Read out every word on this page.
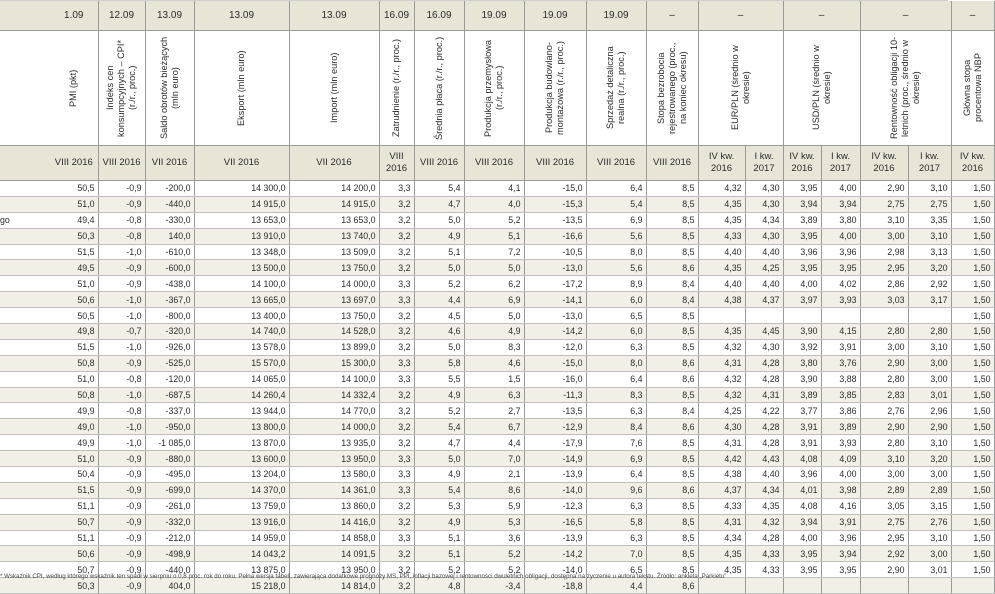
	1.09	12.09	13.09	13.09	13.09	16.09	16.09	19.09	19.09	19.09	–	–		–		–		–

	PMI (pkt)	Indeks cen konsumpcyjnych – CPI* (r./r., proc.)	Saldo obrotów bieżących (mln euro)	Eksport (mln euro)	Import (mln euro)	Zatrudnienie (r./r., proc.)	Średnia płaca (r./r., proc.)	Produkcja przemysłowa (r./r., proc.)	Produkcja budowlano-montażowa (r./r., proc.)	Sprzedaż detaliczna realna (r./r., proc.)	Stopa bezrobocia rejestrowanego (proc., na koniec okresu)	EUR/PLN (średnio w okresie)		USD/PLN (średnio w okresie)		Rentowność obligacji 10-letnich (proc., średnio w okresie)		Główna stopa procentowa NBP

	VIII 2016	VIII 2016	VII 2016	VII 2016	VII 2016	VIII 2016	VIII 2016	VIII 2016	VIII 2016	VIII 2016	VIII 2016	IV kw. 2016	I kw. 2017	IV kw. 2016	I kw. 2017	IV kw. 2016	I kw. 2017	IV kw. 2016
	50,5	-0,9	-200,0	14 300,0	14 200,0	3,3	5,4	4,1	-15,0	6,4	8,5	4,32	4,30	3,95	4,00	2,90	3,10	1,50
	51,0	-0,9	-440,0	14 915,0	14 915,0	3,2	4,7	4,0	-15,3	5,4	8,5	4,35	4,30	3,94	3,94	2,75	2,75	1,50
go	49,4	-0,8	-330,0	13 653,0	13 653,0	3,2	5,0	5,2	-13,5	6,9	8,5	4,35	4,34	3,89	3,80	3,10	3,35	1,50
	50,3	-0,8	140,0	13 910,0	13 740,0	3,2	4,9	5,1	-16,6	5,6	8,5	4,33	4,30	3,95	4,00	3,00	3,10	1,50
	51,5	-1,0	-610,0	13 348,0	13 509,0	3,2	5,1	7,2	-10,5	8,0	8,5	4,40	4,40	3,96	3,96	2,98	3,13	1,50
	49,5	-0,9	-600,0	13 500,0	13 750,0	3,2	5,0	5,0	-13,0	5,6	8,6	4,35	4,25	3,95	3,95	2,95	3,20	1,50
	51,0	-0,9	-438,0	14 100,0	14 000,0	3,3	5,2	6,2	-17,2	8,9	8,4	4,40	4,40	4,00	4,02	2,86	2,92	1,50
	50,6	-1,0	-367,0	13 665,0	13 697,0	3,3	4,4	6,9	-14,1	6,0	8,4	4,38	4,37	3,97	3,93	3,03	3,17	1,50
	50,5	-1,0	-800,0	13 400,0	13 750,0	3,2	4,5	5,0	-13,0	6,5	8,5							1,50
	49,8	-0,7	-320,0	14 740,0	14 528,0	3,2	4,6	4,9	-14,2	6,0	8,5	4,35	4,45	3,90	4,15	2,80	2,80	1,50
	51,5	-1,0	-926,0	13 578,0	13 899,0	3,2	5,0	8,3	-12,0	6,3	8,5	4,32	4,30	3,92	3,91	3,00	3,10	1,50
	50,8	-0,9	-525,0	15 570,0	15 300,0	3,3	5,8	4,6	-15,0	8,0	8,6	4,31	4,28	3,80	3,76	2,90	3,00	1,50
	51,0	-0,8	-120,0	14 065,0	14 100,0	3,3	5,5	1,5	-16,0	6,4	8,6	4,32	4,28	3,90	3,88	2,80	3,00	1,50
	50,8	-1,0	-687,5	14 260,4	14 332,4	3,2	4,9	6,3	-11,3	8,3	8,5	4,32	4,31	3,89	3,85	2,83	3,01	1,50
	49,9	-0,8	-337,0	13 944,0	14 770,0	3,2	5,2	2,7	-13,5	6,3	8,4	4,25	4,22	3,77	3,86	2,76	2,96	1,50
	49,0	-1,0	-950,0	13 800,0	14 000,0	3,2	5,4	6,7	-12,9	8,4	8,6	4,30	4,28	3,91	3,89	2,90	2,90	1,50
	49,9	-1,0	-1 085,0	13 870,0	13 935,0	3,2	4,7	4,4	-17,9	7,6	8,5	4,31	4,28	3,91	3,93	2,80	3,10	1,50
	51,0	-0,9	-880,0	13 600,0	13 950,0	3,3	5,0	7,0	-14,9	6,9	8,5	4,42	4,43	4,08	4,09	3,10	3,20	1,50
	50,4	-0,9	-495,0	13 204,0	13 580,0	3,3	4,9	2,1	-13,9	6,4	8,5	4,38	4,40	3,96	4,00	3,00	3,00	1,50
	51,5	-0,9	-699,0	14 370,0	14 361,0	3,3	5,4	8,6	-14,0	9,6	8,6	4,37	4,34	4,01	3,98	2,89	2,89	1,50
	51,1	-0,9	-261,0	13 759,0	13 860,0	3,2	5,3	5,9	-12,3	6,3	8,5	4,33	4,35	4,08	4,16	3,05	3,15	1,50
	50,7	-0,9	-332,0	13 916,0	14 416,0	3,2	4,9	5,3	-16,5	5,8	8,5	4,31	4,32	3,94	3,91	2,75	2,76	1,50
	51,1	-0,9	-212,0	14 959,0	14 858,0	3,3	5,1	3,6	-13,9	6,3	8,5	4,34	4,28	4,00	3,96	2,95	3,10	1,50
	50,6	-0,9	-498,9	14 043,2	14 091,5	3,2	5,1	5,2	-14,2	7,0	8,5	4,35	4,33	3,95	3,94	2,92	3,00	1,50
	50,7	-0,9	-440,0	13 875,0	13 950,0	3,2	5,2	5,2	-14,0	6,5	8,5	4,35	4,33	3,95	3,95	2,90	3,01	1,50
	50,3	-0,9	404,0	15 218,0	14 814,0	3,2	4,8	-3,4	-18,8	4,4	8,6							
* Wskaźnik CPI, według którego wskaźnik ten spadł w sierpniu o 0,8 proc. rok do roku. Pełna wersja tabeli, zawierająca dodatkowe prognozy MS, PPI, inflacji bazowej i rentowności dwuletnich obligacji, dostępna na życzenie u autora tekstu. Źródło: ankieta „Parkietu”
